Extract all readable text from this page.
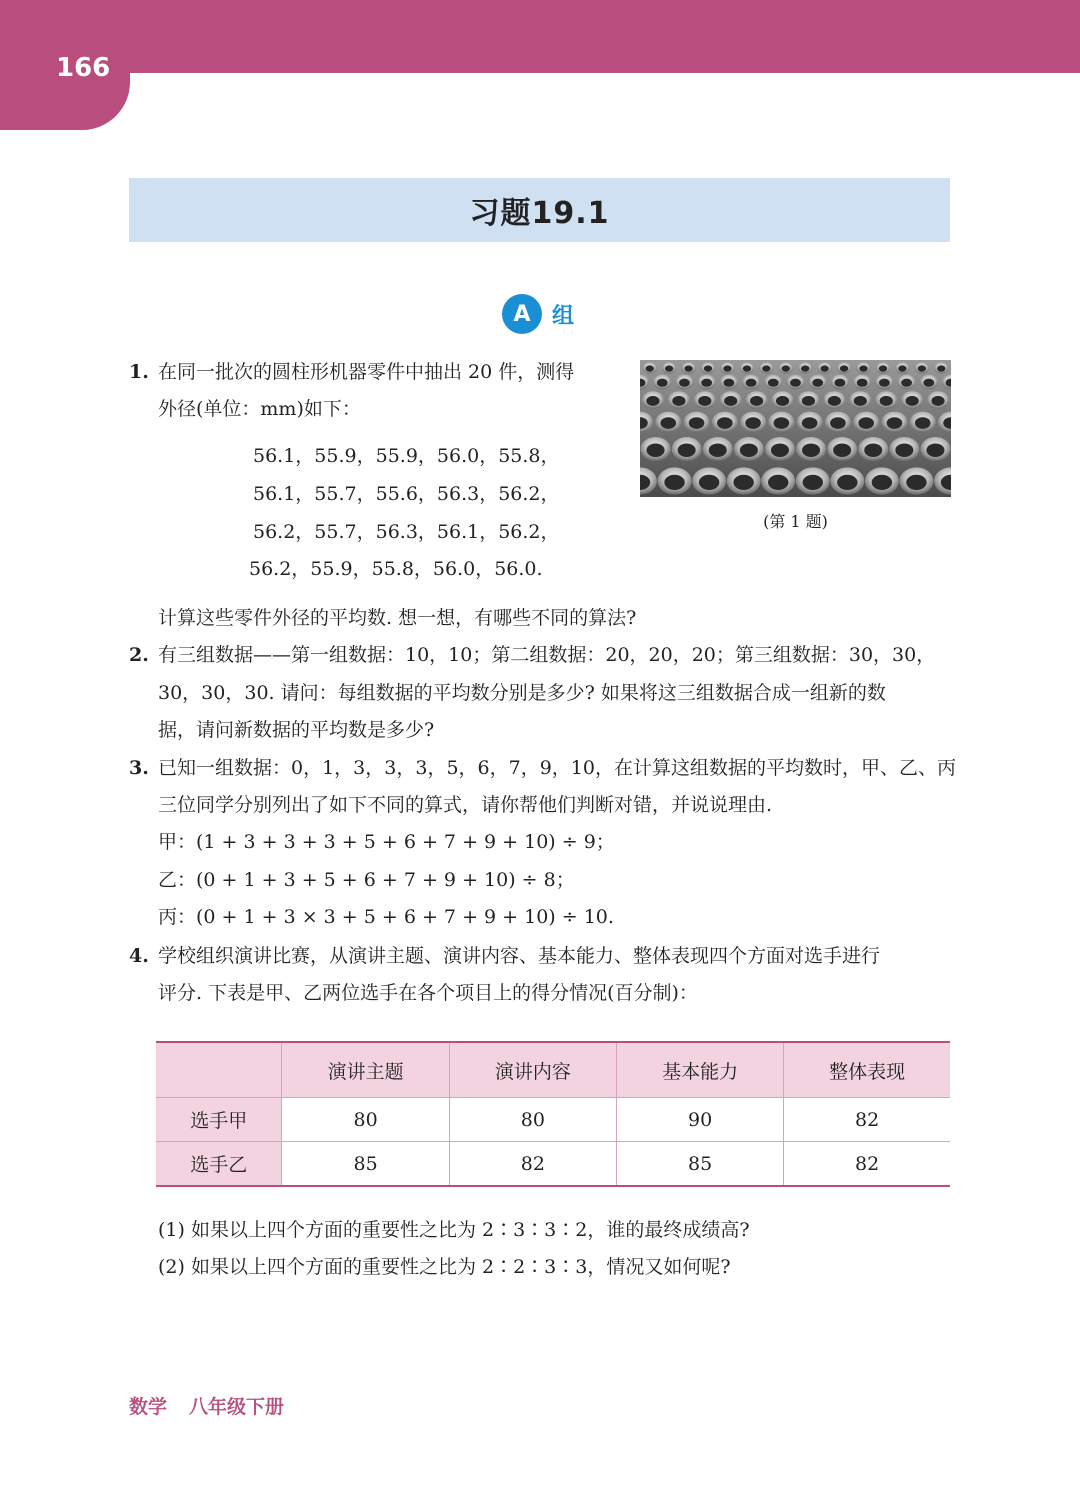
166
习题19.1
A 组
1. 在同一批次的圆柱形机器零件中抽出 20 件，测得
外径(单位：mm)如下：
56.1，55.9，55.9，56.0，55.8，
56.1，55.7，55.6，56.3，56.2，
56.2，55.7，56.3，56.1，56.2，
56.2，55.9，55.8，56.0，56.0.
计算这些零件外径的平均数. 想一想，有哪些不同的算法?
(第 1 题)
2. 有三组数据——第一组数据：10，10；第二组数据：20，20，20；第三组数据：30，30，
30，30，30. 请问：每组数据的平均数分别是多少? 如果将这三组数据合成一组新的数
据，请问新数据的平均数是多少?
3. 已知一组数据：0，1，3，3，3，5，6，7，9，10，在计算这组数据的平均数时，甲、乙、丙
三位同学分别列出了如下不同的算式，请你帮他们判断对错，并说说理由.
甲：(1 + 3 + 3 + 3 + 5 + 6 + 7 + 9 + 10) ÷ 9；
乙：(0 + 1 + 3 + 5 + 6 + 7 + 9 + 10) ÷ 8；
丙：(0 + 1 + 3 × 3 + 5 + 6 + 7 + 9 + 10) ÷ 10.
4. 学校组织演讲比赛，从演讲主题、演讲内容、基本能力、整体表现四个方面对选手进行
评分. 下表是甲、乙两位选手在各个项目上的得分情况(百分制)：
	演讲主题	演讲内容	基本能力	整体表现
选手甲	80	80	90	82
选手乙	85	82	85	82
(1) 如果以上四个方面的重要性之比为 2∶3∶3∶2，谁的最终成绩高?
(2) 如果以上四个方面的重要性之比为 2∶2∶3∶3，情况又如何呢?
数学 八年级下册
